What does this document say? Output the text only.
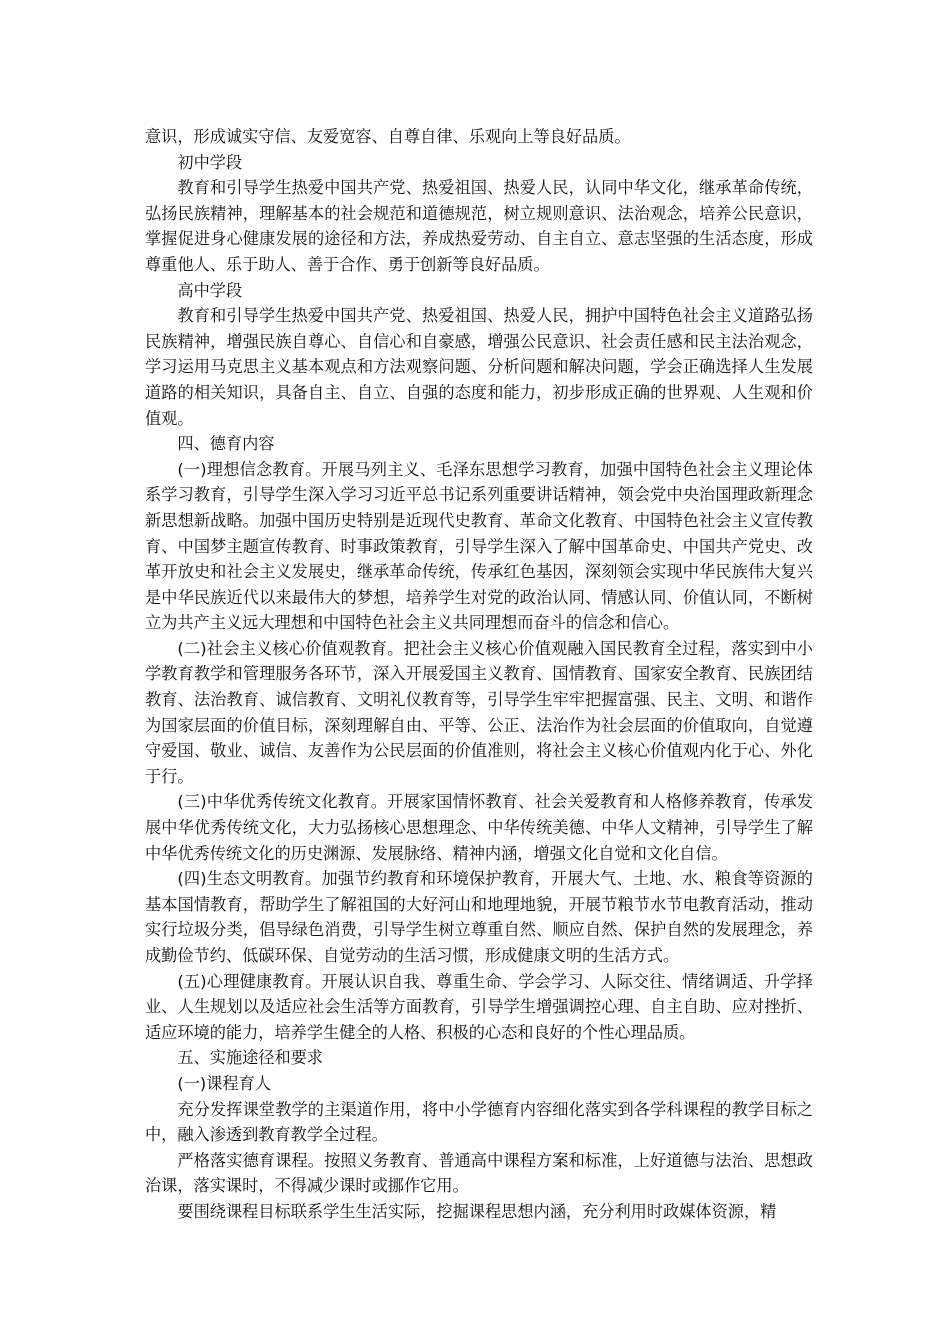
意识，形成诚实守信、友爱宽容、自尊自律、乐观向上等良好品质。

初中学段

教育和引导学生热爱中国共产党、热爱祖国、热爱人民，认同中华文化，继承革命传统，弘扬民族精神，理解基本的社会规范和道德规范，树立规则意识、法治观念，培养公民意识，掌握促进身心健康发展的途径和方法，养成热爱劳动、自主自立、意志坚强的生活态度，形成尊重他人、乐于助人、善于合作、勇于创新等良好品质。

高中学段

教育和引导学生热爱中国共产党、热爱祖国、热爱人民，拥护中国特色社会主义道路弘扬民族精神，增强民族自尊心、自信心和自豪感，增强公民意识、社会责任感和民主法治观念，学习运用马克思主义基本观点和方法观察问题、分析问题和解决问题，学会正确选择人生发展道路的相关知识，具备自主、自立、自强的态度和能力，初步形成正确的世界观、人生观和价值观。

四、德育内容

(一)理想信念教育。开展马列主义、毛泽东思想学习教育，加强中国特色社会主义理论体系学习教育，引导学生深入学习习近平总书记系列重要讲话精神，领会党中央治国理政新理念新思想新战略。加强中国历史特别是近现代史教育、革命文化教育、中国特色社会主义宣传教育、中国梦主题宣传教育、时事政策教育，引导学生深入了解中国革命史、中国共产党史、改革开放史和社会主义发展史，继承革命传统，传承红色基因，深刻领会实现中华民族伟大复兴是中华民族近代以来最伟大的梦想，培养学生对党的政治认同、情感认同、价值认同，不断树立为共产主义远大理想和中国特色社会主义共同理想而奋斗的信念和信心。

(二)社会主义核心价值观教育。把社会主义核心价值观融入国民教育全过程，落实到中小学教育教学和管理服务各环节，深入开展爱国主义教育、国情教育、国家安全教育、民族团结教育、法治教育、诚信教育、文明礼仪教育等，引导学生牢牢把握富强、民主、文明、和谐作为国家层面的价值目标，深刻理解自由、平等、公正、法治作为社会层面的价值取向，自觉遵守爱国、敬业、诚信、友善作为公民层面的价值准则，将社会主义核心价值观内化于心、外化于行。

(三)中华优秀传统文化教育。开展家国情怀教育、社会关爱教育和人格修养教育，传承发展中华优秀传统文化，大力弘扬核心思想理念、中华传统美德、中华人文精神，引导学生了解中华优秀传统文化的历史渊源、发展脉络、精神内涵，增强文化自觉和文化自信。

(四)生态文明教育。加强节约教育和环境保护教育，开展大气、土地、水、粮食等资源的基本国情教育，帮助学生了解祖国的大好河山和地理地貌，开展节粮节水节电教育活动，推动实行垃圾分类，倡导绿色消费，引导学生树立尊重自然、顺应自然、保护自然的发展理念，养成勤俭节约、低碳环保、自觉劳动的生活习惯，形成健康文明的生活方式。

(五)心理健康教育。开展认识自我、尊重生命、学会学习、人际交往、情绪调适、升学择业、人生规划以及适应社会生活等方面教育，引导学生增强调控心理、自主自助、应对挫折、适应环境的能力，培养学生健全的人格、积极的心态和良好的个性心理品质。

五、实施途径和要求

(一)课程育人

充分发挥课堂教学的主渠道作用，将中小学德育内容细化落实到各学科课程的教学目标之中，融入渗透到教育教学全过程。

严格落实德育课程。按照义务教育、普通高中课程方案和标准，上好道德与法治、思想政治课，落实课时，不得减少课时或挪作它用。

要围绕课程目标联系学生生活实际，挖掘课程思想内涵，充分利用时政媒体资源，精
